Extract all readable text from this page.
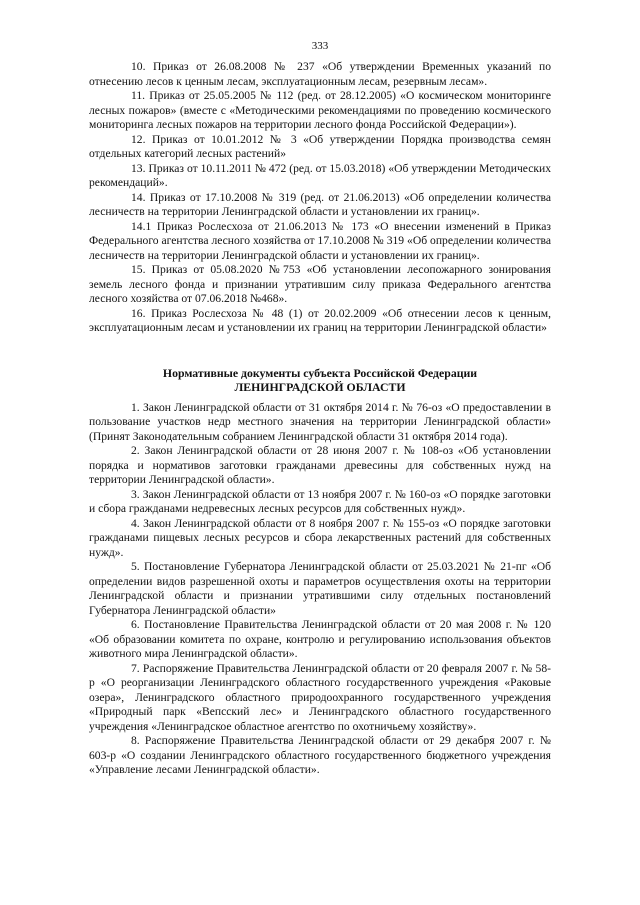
333

10. Приказ от 26.08.2008 № 237 «Об утверждении Временных указаний по отнесению лесов к ценным лесам, эксплуатационным лесам, резервным лесам».

11. Приказ от 25.05.2005 № 112 (ред. от 28.12.2005) «О космическом мониторинге лесных пожаров» (вместе с «Методическими рекомендациями по проведению космического мониторинга лесных пожаров на территории лесного фонда Российской Федерации»).

12. Приказ от 10.01.2012 № 3 «Об утверждении Порядка производства семян отдельных категорий лесных растений»

13. Приказ от 10.11.2011 № 472 (ред. от 15.03.2018) «Об утверждении Методических рекомендаций».

14. Приказ от 17.10.2008 № 319 (ред. от 21.06.2013) «Об определении количества лесничеств на территории Ленинградской области и установлении их границ».

14.1 Приказ Рослесхоза от 21.06.2013 № 173 «О внесении изменений в Приказ Федерального агентства лесного хозяйства от 17.10.2008 № 319 «Об определении количества лесничеств на территории Ленинградской области и установлении их границ».

15. Приказ от 05.08.2020 №753 «Об установлении лесопожарного зонирования земель лесного фонда и признании утратившим силу приказа Федерального агентства лесного хозяйства от 07.06.2018 №468».

16. Приказ Рослесхоза № 48 (1) от 20.02.2009 «Об отнесении лесов к ценным, эксплуатационным лесам и установлении их границ на территории Ленинградской области»

Нормативные документы субъекта Российской Федерации
ЛЕНИНГРАДСКОЙ ОБЛАСТИ

1. Закон Ленинградской области от 31 октября 2014 г. № 76-оз «О предоставлении в пользование участков недр местного значения на территории Ленинградской области» (Принят Законодательным собранием Ленинградской области 31 октября 2014 года).

2. Закон Ленинградской области от 28 июня 2007 г. № 108-оз «Об установлении порядка и нормативов заготовки гражданами древесины для собственных нужд на территории Ленинградской области».

3. Закон Ленинградской области от 13 ноября 2007 г. № 160-оз «О порядке заготовки и сбора гражданами недревесных лесных ресурсов для собственных нужд».

4. Закон Ленинградской области от 8 ноября 2007 г. № 155-оз «О порядке заготовки гражданами пищевых лесных ресурсов и сбора лекарственных растений для собственных нужд».

5. Постановление Губернатора Ленинградской области от 25.03.2021 № 21-пг «Об определении видов разрешенной охоты и параметров осуществления охоты на территории Ленинградской области и признании утратившими силу отдельных постановлений Губернатора Ленинградской области»

6. Постановление Правительства Ленинградской области от 20 мая 2008 г. № 120 «Об образовании комитета по охране, контролю и регулированию использования объектов животного мира Ленинградской области».

7. Распоряжение Правительства Ленинградской области от 20 февраля 2007 г. № 58-р «О реорганизации Ленинградского областного государственного учреждения «Раковые озера», Ленинградского областного природоохранного государственного учреждения «Природный парк «Вепсский лес» и Ленинградского областного государственного учреждения «Ленинградское областное агентство по охотничьему хозяйству».

8. Распоряжение Правительства Ленинградской области от 29 декабря 2007 г. № 603-р «О создании Ленинградского областного государственного бюджетного учреждения «Управление лесами Ленинградской области».
